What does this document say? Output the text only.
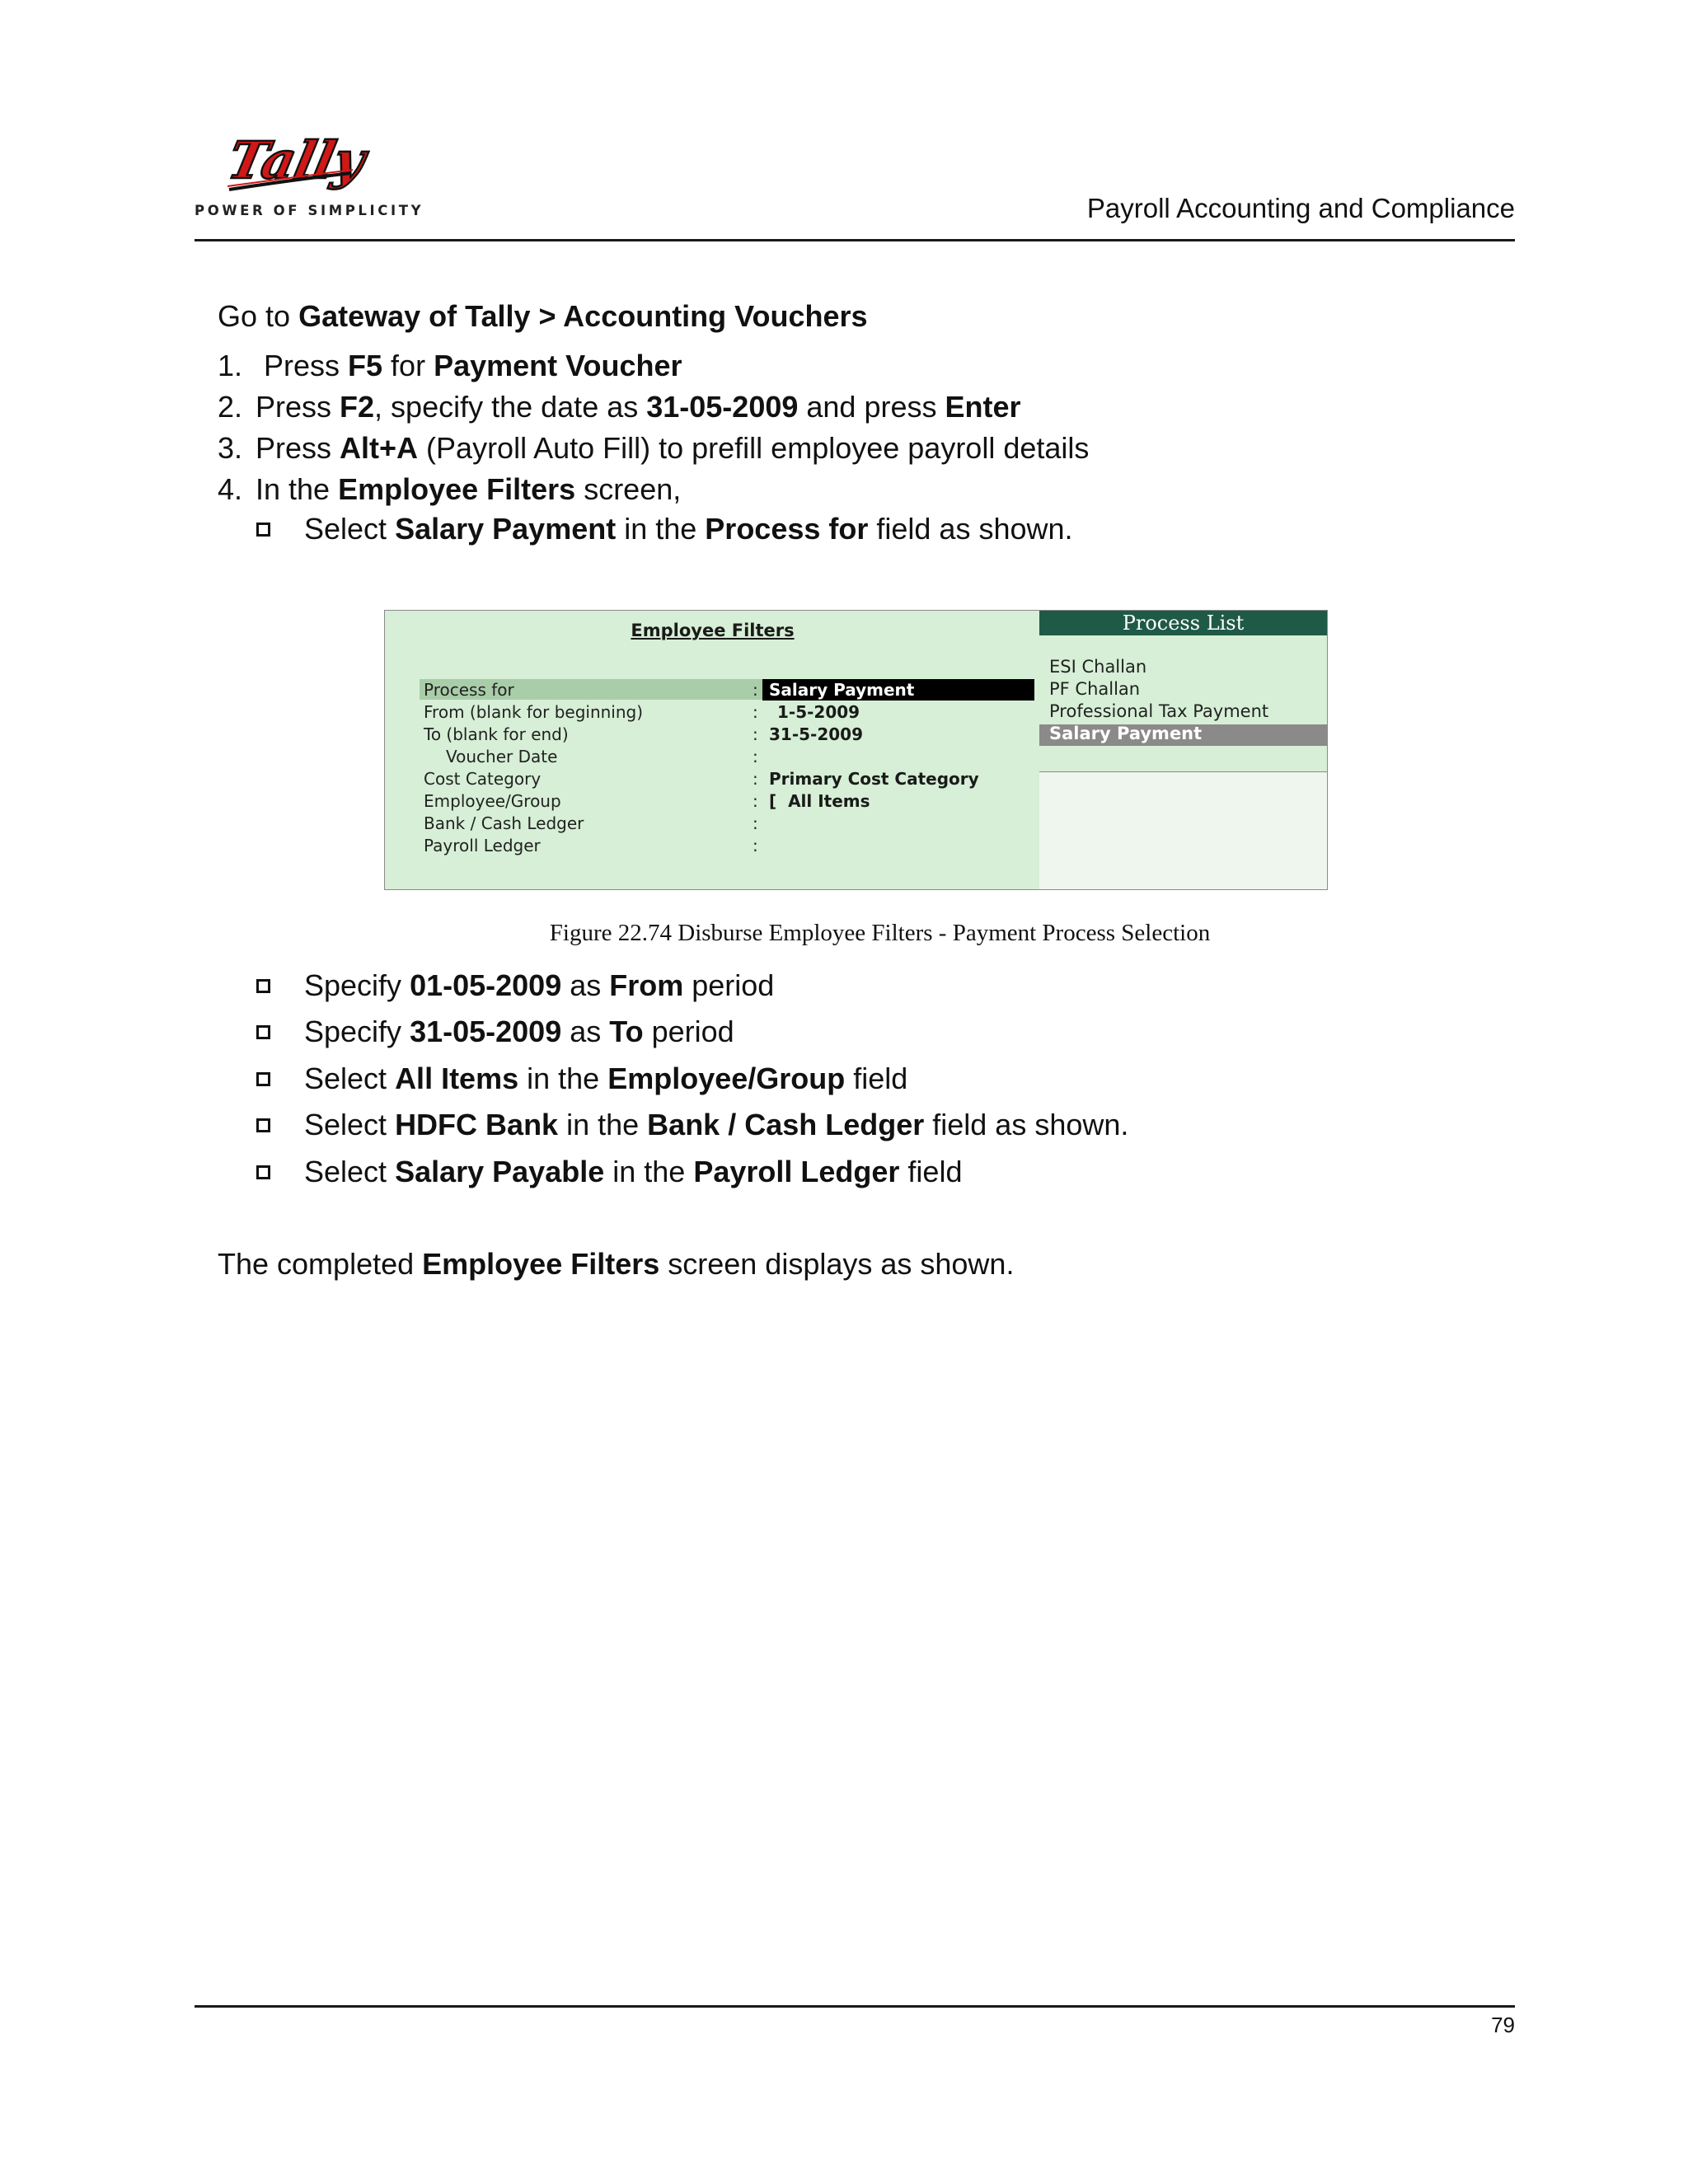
Tally
POWER OF SIMPLICITY	Payroll Accounting and Compliance
Go to Gateway of Tally > Accounting Vouchers
1. Press F5 for Payment Voucher
2. Press F2, specify the date as 31-05-2009 and press Enter
3. Press Alt+A (Payroll Auto Fill) to prefill employee payroll details
4. In the Employee Filters screen,
Select Salary Payment in the Process for field as shown.
Employee Filters
Process for
From (blank for beginning)
To (blank for end)
Voucher Date
Cost Category
Employee/Group
Bank / Cash Ledger
Payroll Ledger
:
:
:
:
:
:
:
:
Salary Payment
1-5-2009
31-5-2009
Primary Cost Category
[  All Items
Process List
ESI Challan
PF Challan
Professional Tax Payment
Salary Payment
Figure 22.74 Disburse Employee Filters - Payment Process Selection
Specify 01-05-2009 as From period
Specify 31-05-2009 as To period
Select All Items in the Employee/Group field
Select HDFC Bank in the Bank / Cash Ledger field as shown.
Select Salary Payable in the Payroll Ledger field
The completed Employee Filters screen displays as shown.
79
